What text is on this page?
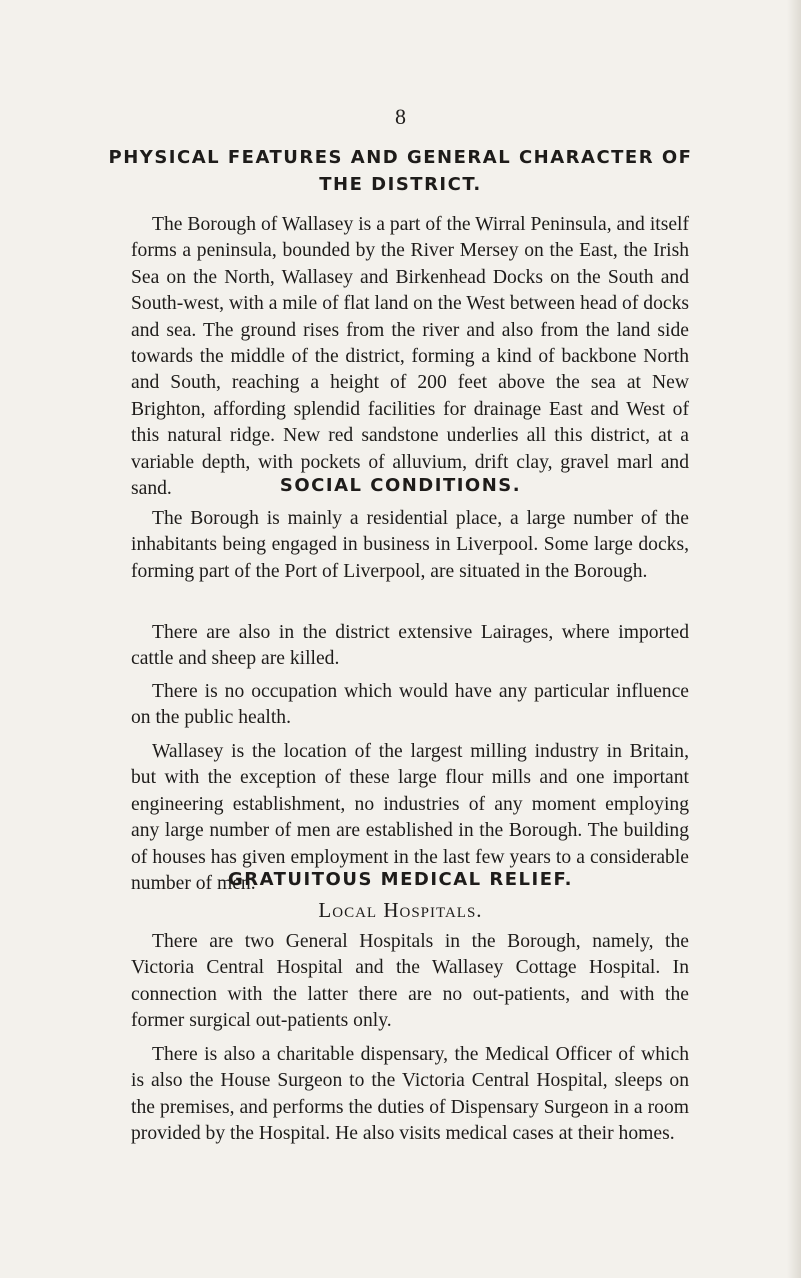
8
PHYSICAL FEATURES AND GENERAL CHARACTER OF
THE DISTRICT.

The Borough of Wallasey is a part of the Wirral Peninsula, and itself forms a peninsula, bounded by the River Mersey on the East, the Irish Sea on the North, Wallasey and Birkenhead Docks on the South and South-west, with a mile of flat land on the West between head of docks and sea. The ground rises from the river and also from the land side towards the middle of the district, forming a kind of backbone North and South, reaching a height of 200 feet above the sea at New Brighton, affording splendid facilities for drainage East and West of this natural ridge. New red sandstone underlies all this district, at a variable depth, with pockets of alluvium, drift clay, gravel marl and sand.	SOCIAL CONDITIONS.

The Borough is mainly a residential place, a large number of the inhabitants being engaged in business in Liverpool. Some large docks, forming part of the Port of Liverpool, are situated in the Borough.

There are also in the district extensive Lairages, where imported cattle and sheep are killed.

There is no occupation which would have any particular influence on the public health.

Wallasey is the location of the largest milling industry in Britain, but with the exception of these large flour mills and one important engineering establishment, no industries of any moment employing any large number of men are established in the Borough. The building of houses has given employment in the last few years to a considerable number of men.

GRATUITOUS MEDICAL RELIEF.
Local Hospitals.

There are two General Hospitals in the Borough, namely, the Victoria Central Hospital and the Wallasey Cottage Hospital. In connection with the latter there are no out-patients, and with the former surgical out-patients only.

There is also a charitable dispensary, the Medical Officer of which is also the House Surgeon to the Victoria Central Hospital, sleeps on the premises, and performs the duties of Dispensary Surgeon in a room provided by the Hospital. He also visits medical cases at their homes.
